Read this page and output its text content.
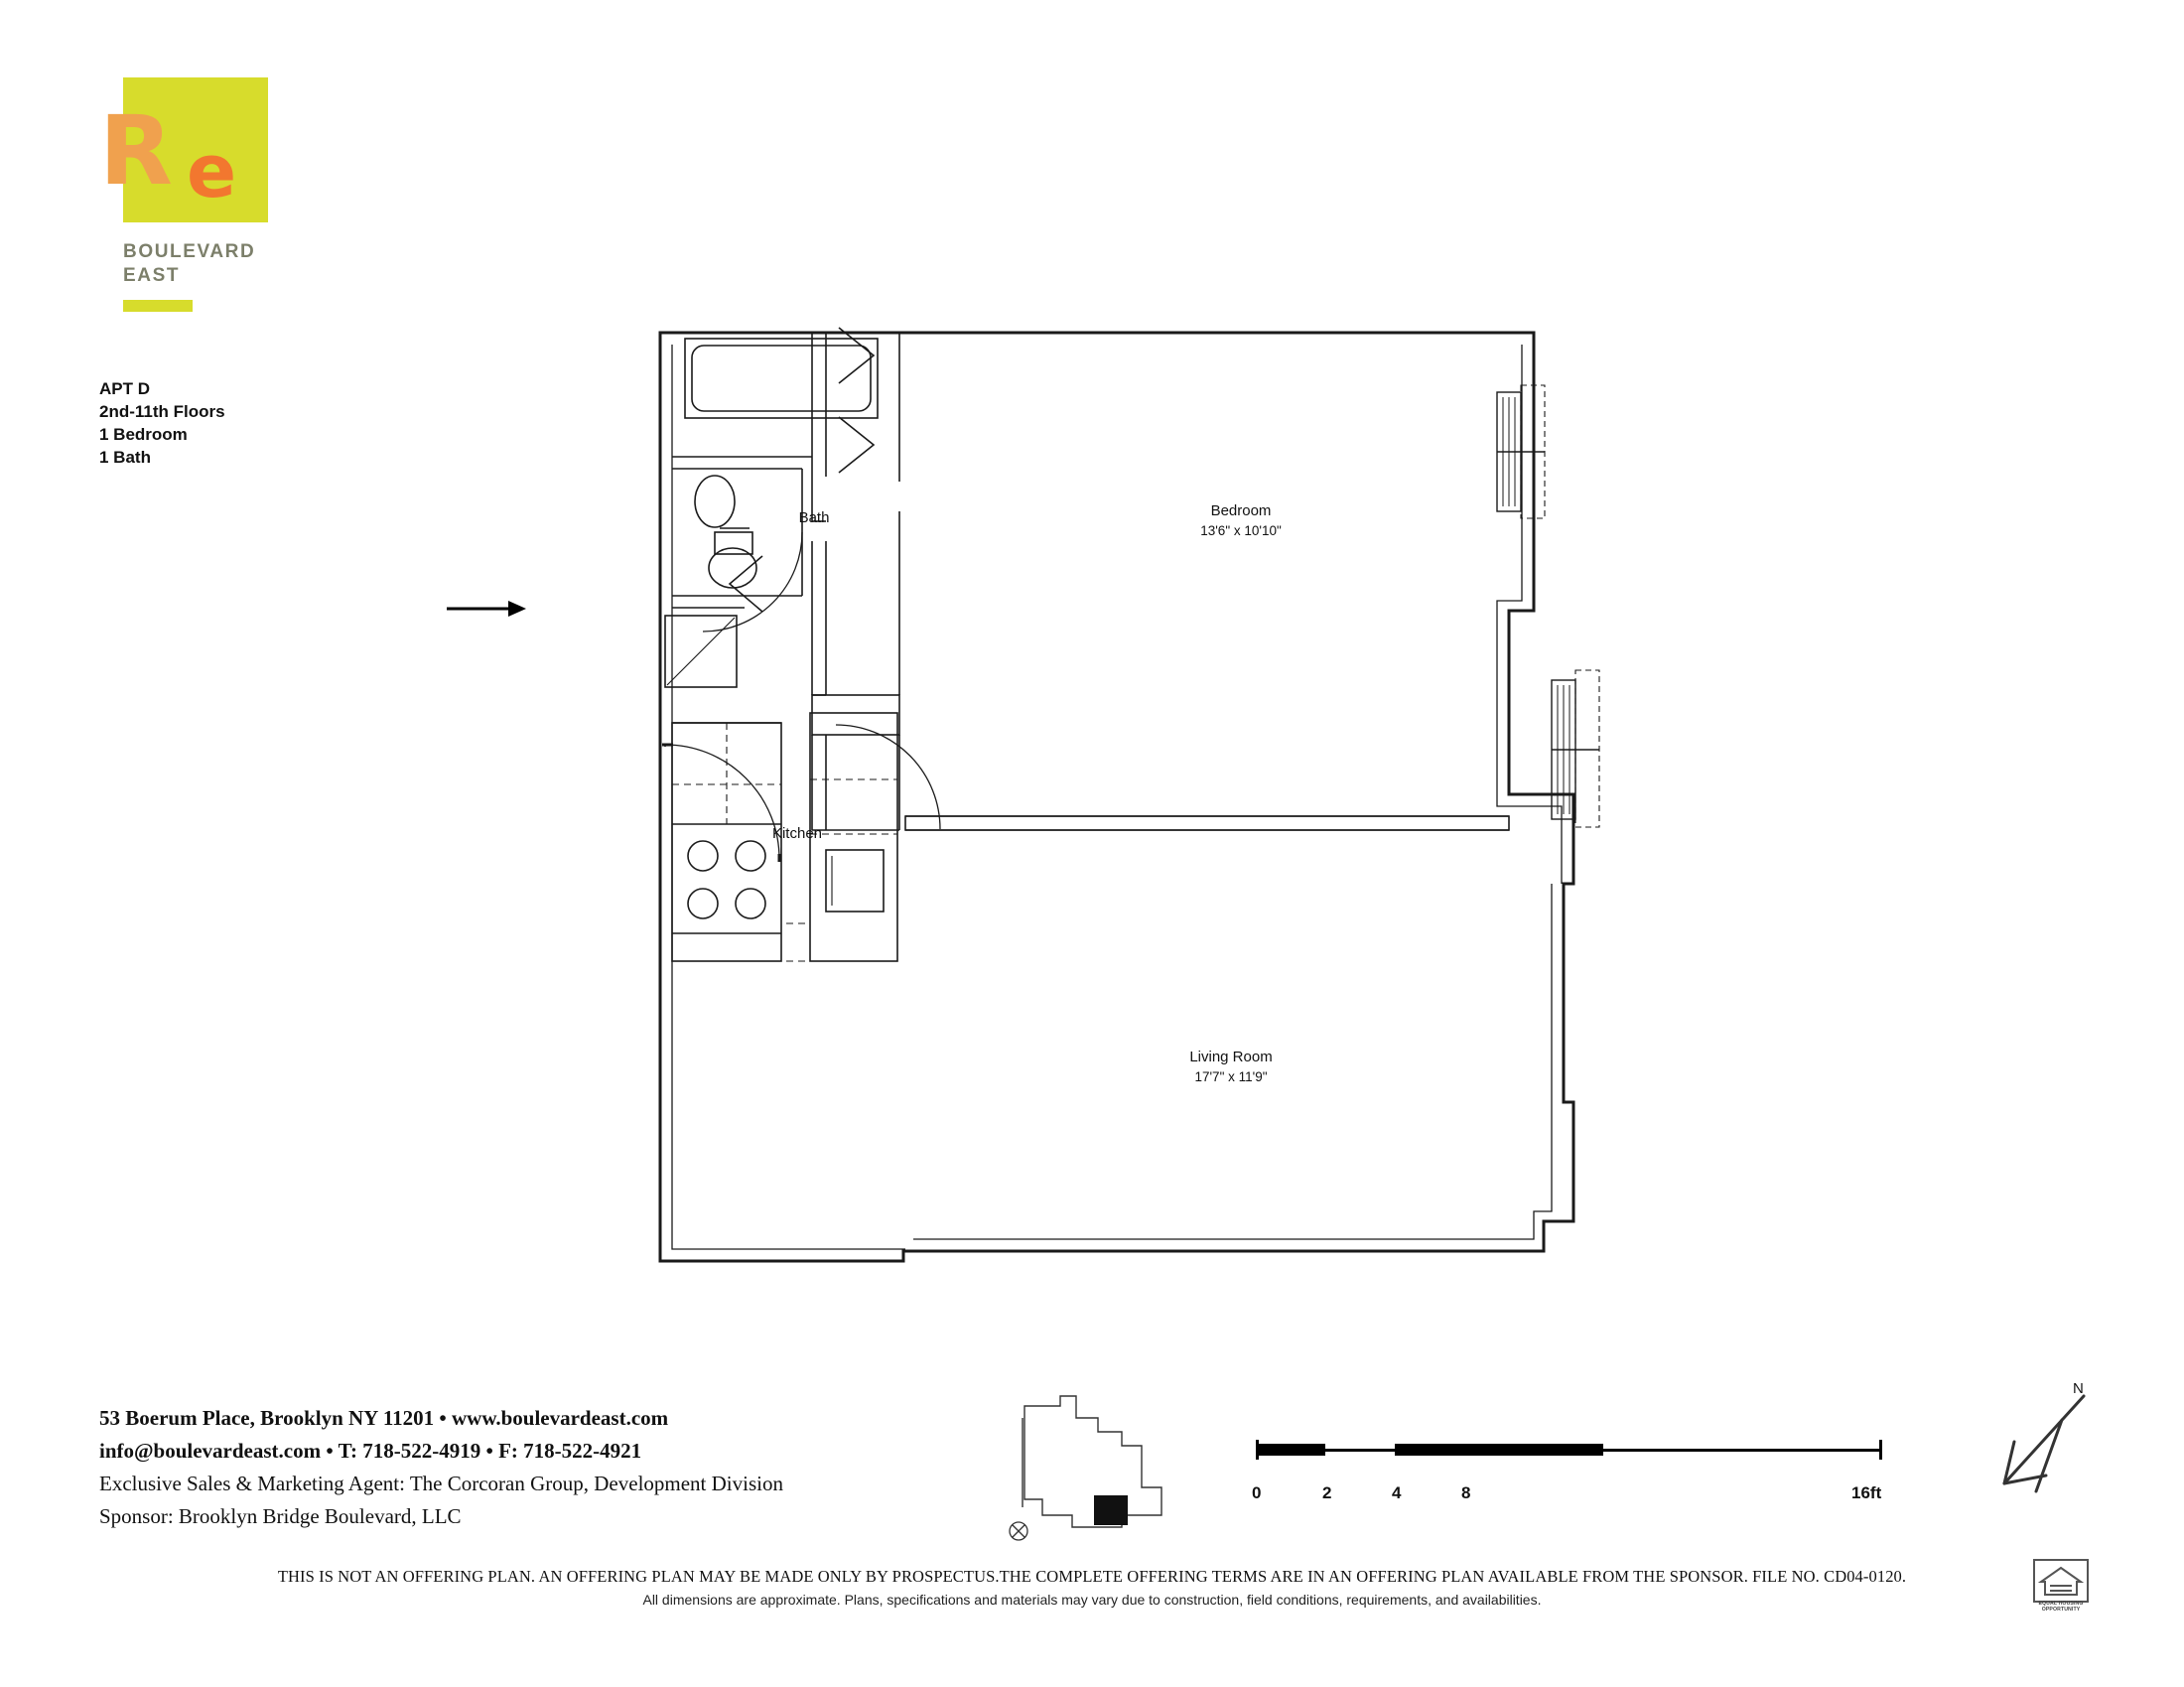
R e
BOULEVARD
EAST
APT D
2nd-11th Floors
1 Bedroom
1 Bath
Bath	Bedroom
13'6" x 10'10"
Kitchen
Living Room
17'7" x 11'9"
53 Boerum Place, Brooklyn NY 11201 • www.boulevardeast.com
info@boulevardeast.com • T: 718-522-4919 • F: 718-522-4921
Exclusive Sales & Marketing Agent: The Corcoran Group, Development Division
Sponsor: Brooklyn Bridge Boulevard, LLC
THIS IS NOT AN OFFERING PLAN. AN OFFERING PLAN MAY BE MADE ONLY BY PROSPECTUS.THE COMPLETE OFFERING TERMS ARE IN AN OFFERING PLAN AVAILABLE FROM THE SPONSOR. FILE NO. CD04-0120.
All dimensions are approximate. Plans, specifications and materials may vary due to construction, field conditions, requirements, and availabilities.
0	2	4	8	16ft
N
EQUAL HOUSING
OPPORTUNITY
